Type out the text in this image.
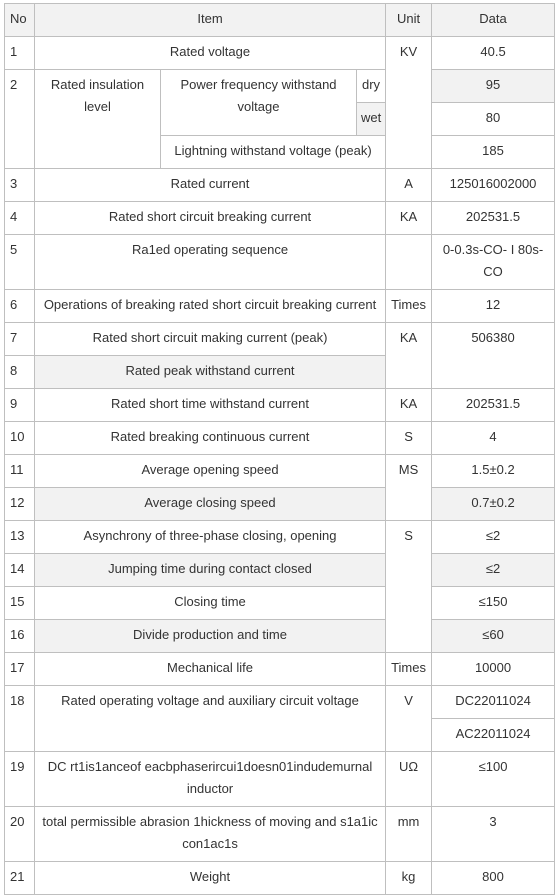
No	Item			Unit	Data
1	Rated voltage			KV	40.5
2	Rated insulation level	Power frequency withstand voltage	dry		95
			wet		80
		Lightning withstand voltage (peak)			185
3	Rated current			A	125016002000
4	Rated short circuit breaking current			KA	202531.5
5	Ra1ed operating sequence				0-0.3s-CO- I 80s-CO
6	Operations of breaking rated short circuit breaking current			Times	12
7	Rated short circuit making current (peak)			KA	506380
8	Rated peak withstand current				
9	Rated short time withstand current			KA	202531.5
10	Rated breaking continuous current			S	4
11	Average opening speed			MS	1.5±0.2
12	Average closing speed				0.7±0.2
13	Asynchrony of three-phase closing, opening			S	≤2
14	Jumping time during contact closed				≤2
15	Closing time				≤150
16	Divide production and time				≤60
17	Mechanical life			Times	10000
18	Rated operating voltage and auxiliary circuit voltage			V	DC22011024
					AC22011024
19	DC rt1is1anceof eacbphaserircui1doesn01indudemurnal inductor			UΩ	≤100
20	total permissible abrasion 1hickness of moving and s1a1ic con1ac1s			mm	3
21	Weight			kg	800
